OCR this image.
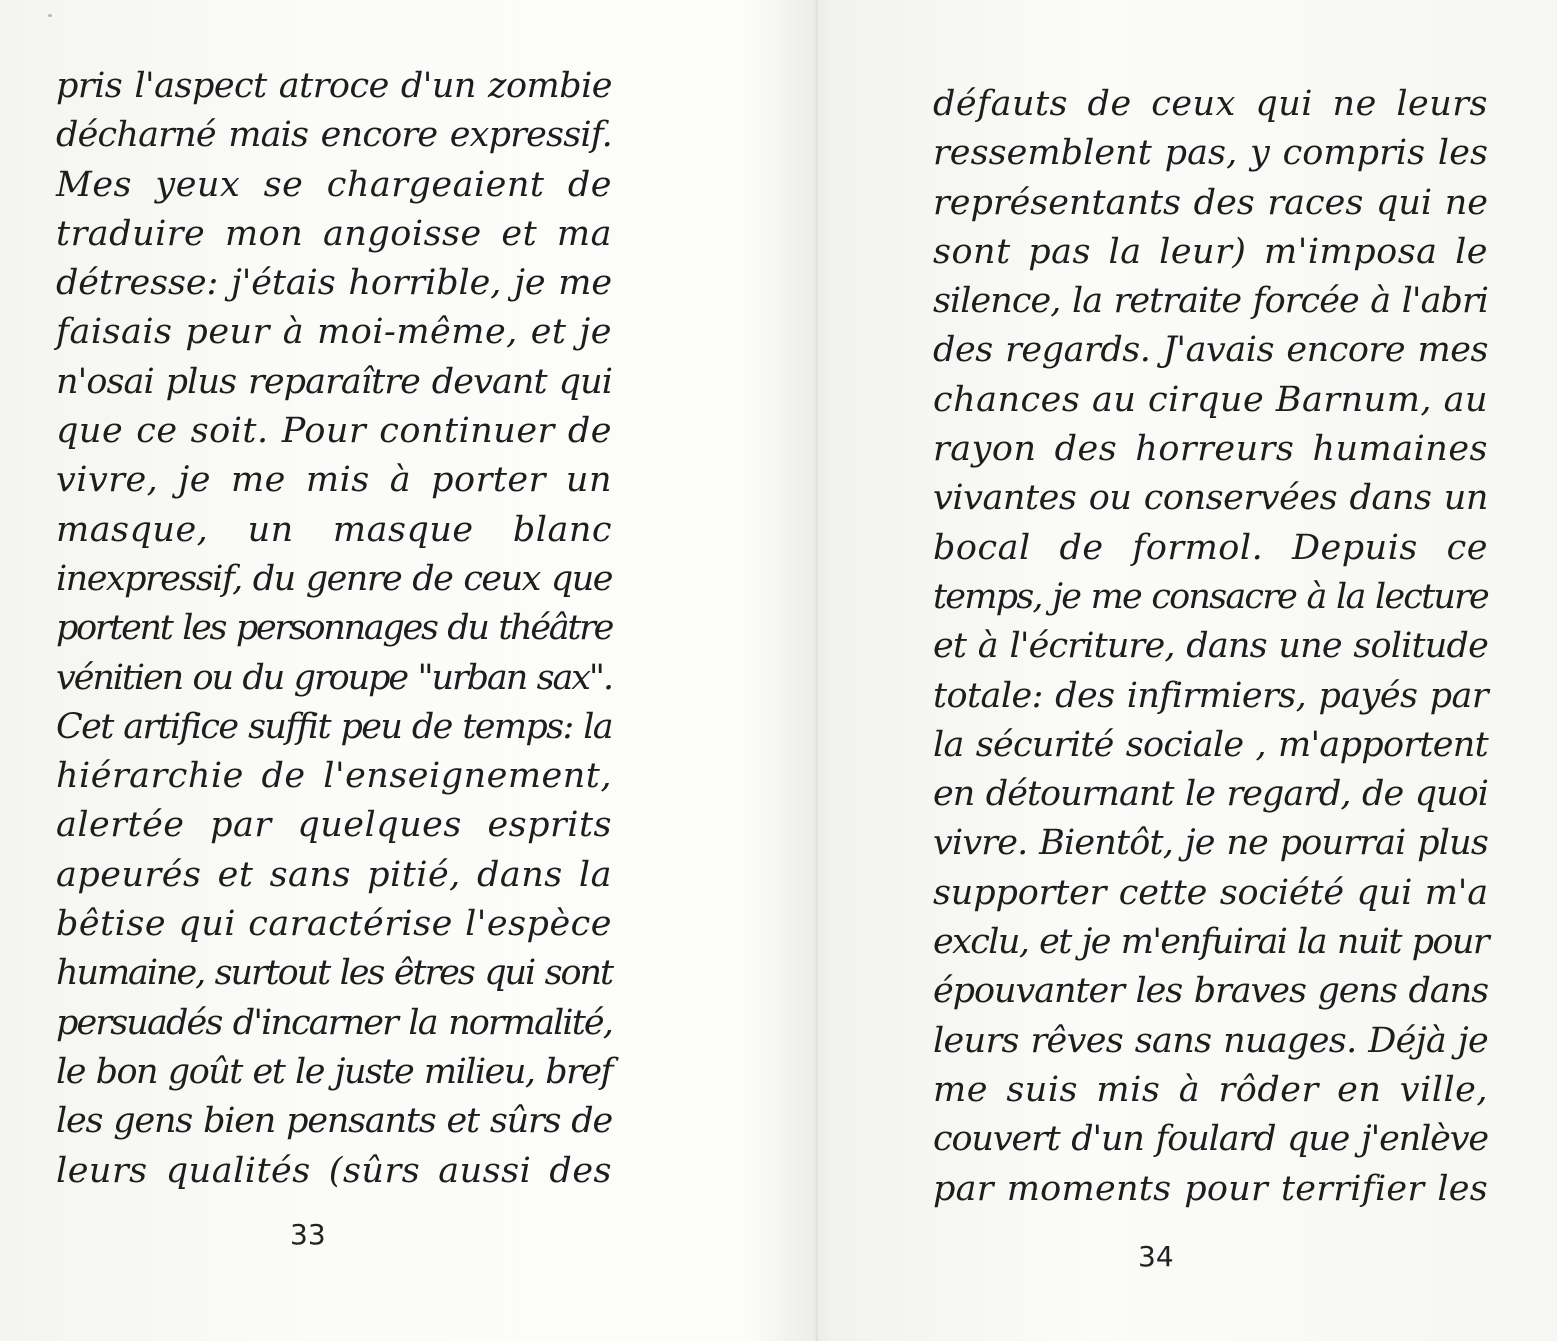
pris l'aspect atroce d'un zombie
décharné mais encore expressif.
Mes yeux se chargeaient de
traduire mon angoisse et ma
détresse: j'étais horrible, je me
faisais peur à moi-même, et je
n'osai plus reparaître devant qui
que ce soit. Pour continuer de
vivre, je me mis à porter un
masque, un masque blanc
inexpressif, du genre de ceux que
portent les personnages du théâtre
vénitien ou du groupe "urban sax".
Cet artifice suffit peu de temps: la
hiérarchie de l'enseignement,
alertée par quelques esprits
apeurés et sans pitié, dans la
bêtise qui caractérise l'espèce
humaine, surtout les êtres qui sont
persuadés d'incarner la normalité,
le bon goût et le juste milieu, bref
les gens bien pensants et sûrs de
leurs qualités (sûrs aussi des
33
défauts de ceux qui ne leurs
ressemblent pas, y compris les
représentants des races qui ne
sont pas la leur) m'imposa le
silence, la retraite forcée à l'abri
des regards. J'avais encore mes
chances au cirque Barnum, au
rayon des horreurs humaines
vivantes ou conservées dans un
bocal de formol. Depuis ce
temps, je me consacre à la lecture
et à l'écriture, dans une solitude
totale: des infirmiers, payés par
la sécurité sociale , m'apportent
en détournant le regard, de quoi
vivre. Bientôt, je ne pourrai plus
supporter cette société qui m'a
exclu, et je m'enfuirai la nuit pour
épouvanter les braves gens dans
leurs rêves sans nuages. Déjà je
me suis mis à rôder en ville,
couvert d'un foulard que j'enlève
par moments pour terrifier les
34
